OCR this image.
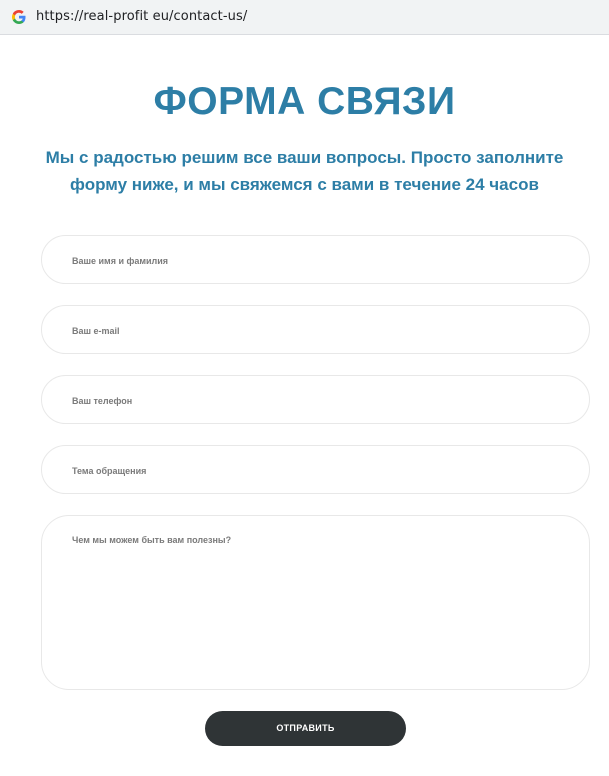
https://real-profit eu/contact-us/
ФОРМА СВЯЗИ

Мы с радостью решим все ваши вопросы. Просто заполните форму ниже, и мы свяжемся с вами в течение 24 часов

Ваше имя и фамилия
Ваш e-mail
Ваш телефон
Тема обращения
Чем мы можем быть вам полезны?
ОТПРАВИТЬ
